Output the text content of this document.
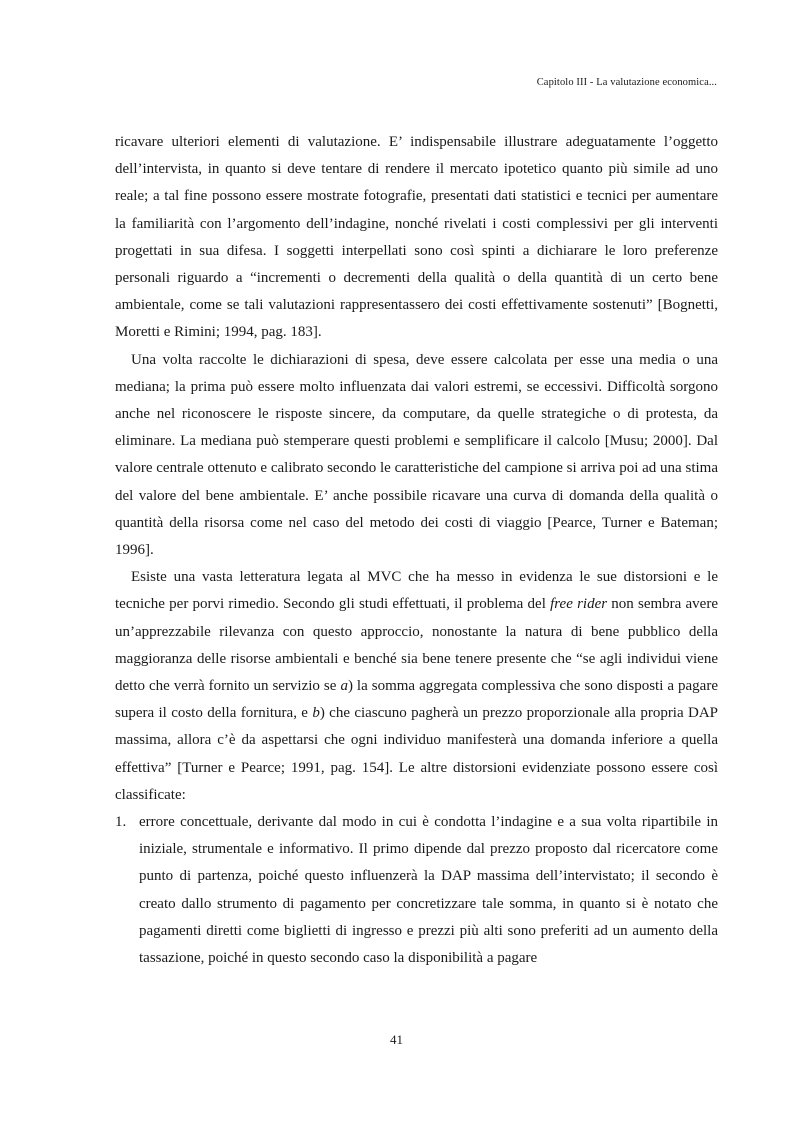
Capitolo III - La valutazione economica...

ricavare ulteriori elementi di valutazione. E’ indispensabile illustrare adeguatamente l’oggetto dell’intervista, in quanto si deve tentare di rendere il mercato ipotetico quanto più simile ad uno reale; a tal fine possono essere mostrate fotografie, presentati dati statistici e tecnici per aumentare la familiarità con l’argomento dell’indagine, nonché rivelati i costi complessivi per gli interventi progettati in sua difesa. I soggetti interpellati sono così spinti a dichiarare le loro preferenze personali riguardo a “incrementi o decrementi della qualità o della quantità di un certo bene ambientale, come se tali valutazioni rappresentassero dei costi effettivamente sostenuti” [Bognetti, Moretti e Rimini; 1994, pag. 183].

Una volta raccolte le dichiarazioni di spesa, deve essere calcolata per esse una media o una mediana; la prima può essere molto influenzata dai valori estremi, se eccessivi. Difficoltà sorgono anche nel riconoscere le risposte sincere, da computare, da quelle strategiche o di protesta, da eliminare. La mediana può stemperare questi problemi e semplificare il calcolo [Musu; 2000]. Dal valore centrale ottenuto e calibrato secondo le caratteristiche del campione si arriva poi ad una stima del valore del bene ambientale. E’ anche possibile ricavare una curva di domanda della qualità o quantità della risorsa come nel caso del metodo dei costi di viaggio [Pearce, Turner e Bateman; 1996].

Esiste una vasta letteratura legata al MVC che ha messo in evidenza le sue distorsioni e le tecniche per porvi rimedio. Secondo gli studi effettuati, il problema del free rider non sembra avere un’apprezzabile rilevanza con questo approccio, nonostante la natura di bene pubblico della maggioranza delle risorse ambientali e benché sia bene tenere presente che “se agli individui viene detto che verrà fornito un servizio se a) la somma aggregata complessiva che sono disposti a pagare supera il costo della fornitura, e b) che ciascuno pagherà un prezzo proporzionale alla propria DAP massima, allora c’è da aspettarsi che ogni individuo manifesterà una domanda inferiore a quella effettiva” [Turner e Pearce; 1991, pag. 154]. Le altre distorsioni evidenziate possono essere così classificate:

1. errore concettuale, derivante dal modo in cui è condotta l’indagine e a sua volta ripartibile in iniziale, strumentale e informativo. Il primo dipende dal prezzo proposto dal ricercatore come punto di partenza, poiché questo influenzerà la DAP massima dell’intervistato; il secondo è creato dallo strumento di pagamento per concretizzare tale somma, in quanto si è notato che pagamenti diretti come biglietti di ingresso e prezzi più alti sono preferiti ad un aumento della tassazione, poiché in questo secondo caso la disponibilità a pagare
41
